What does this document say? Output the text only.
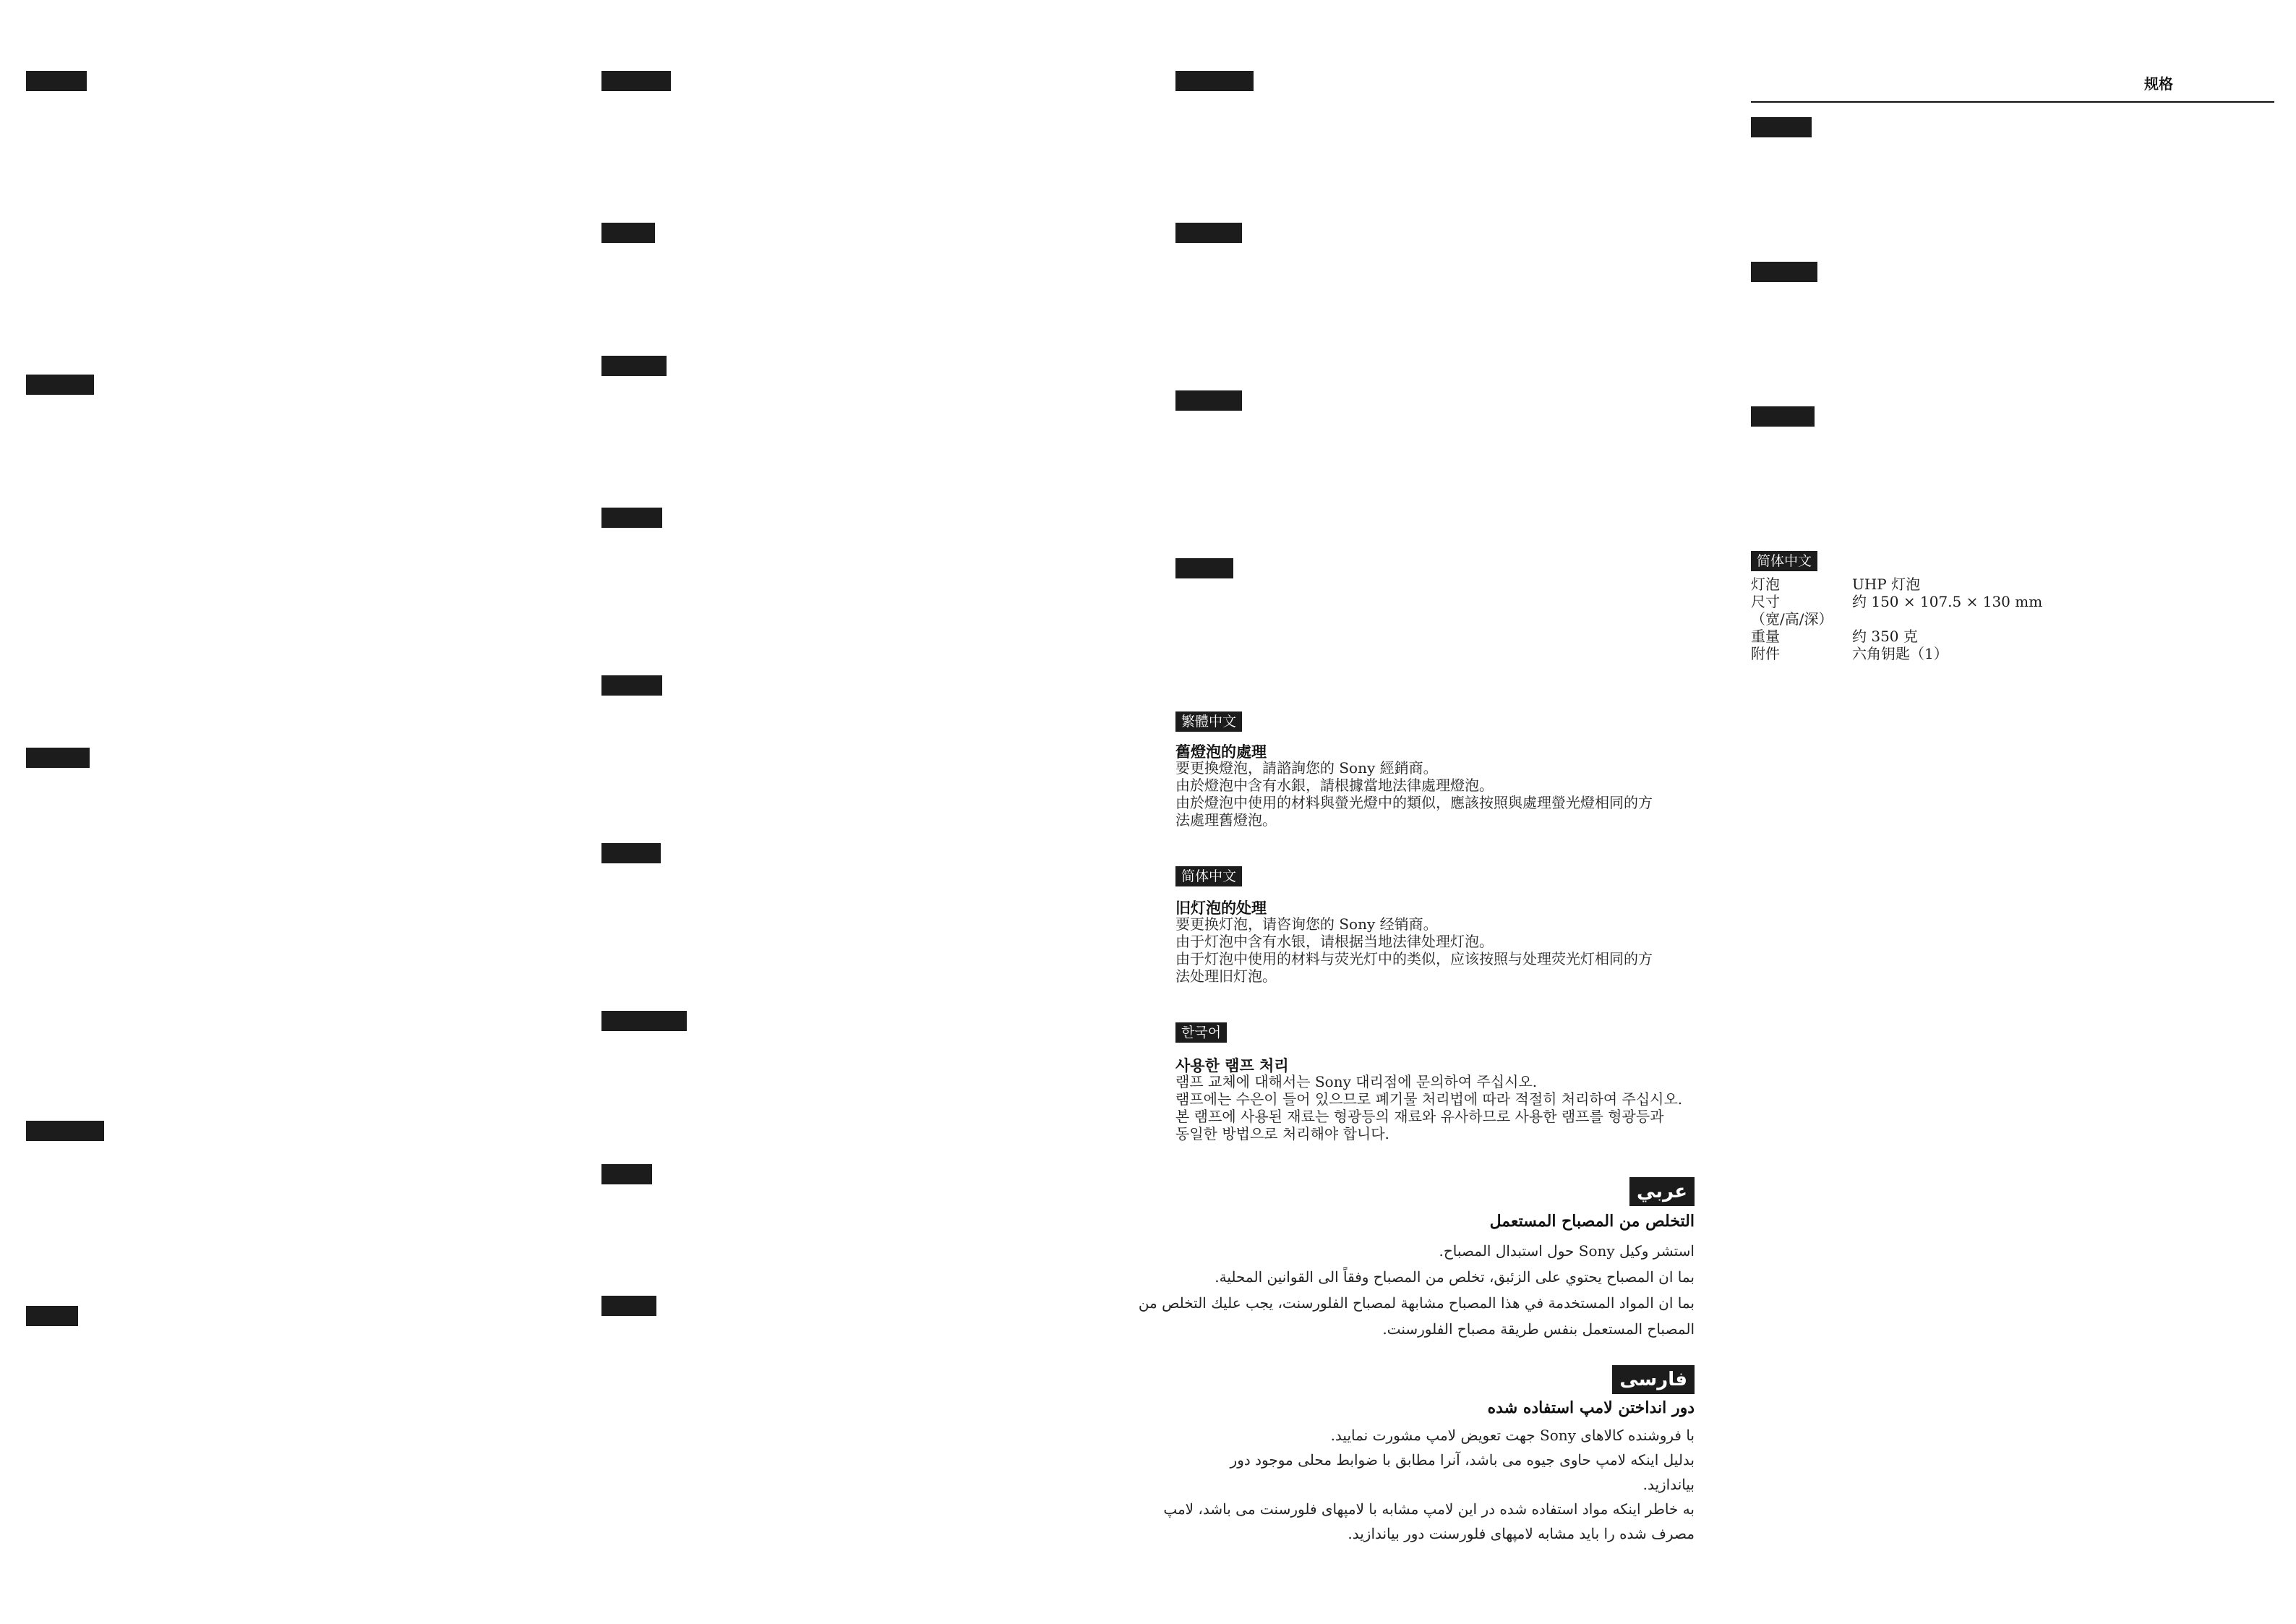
繁體中文
舊燈泡的處理
要更換燈泡，請諮詢您的 Sony 經銷商。
由於燈泡中含有水銀，請根據當地法律處理燈泡。
由於燈泡中使用的材料與螢光燈中的類似，應該按照與處理螢光燈相同的方
法處理舊燈泡。
简体中文
旧灯泡的处理
要更换灯泡，请咨询您的 Sony 经销商。
由于灯泡中含有水银，请根据当地法律处理灯泡。
由于灯泡中使用的材料与荧光灯中的类似，应该按照与处理荧光灯相同的方
法处理旧灯泡。
한국어
사용한 램프 처리
램프 교체에 대해서는 Sony 대리점에 문의하여 주십시오.
램프에는 수은이 들어 있으므로 폐기물 처리법에 따라 적절히 처리하여 주십시오.
본 램프에 사용된 재료는 형광등의 재료와 유사하므로 사용한 램프를 형광등과
동일한 방법으로 처리해야 합니다.
عربي
التخلص من المصباح المستعمل
استشر وكيل Sony حول استبدال المصباح.
بما ان المصباح يحتوي على الزئبق، تخلص من المصباح وفقاً الى القوانين المحلية.
بما ان المواد المستخدمة في هذا المصباح مشابهة لمصباح الفلورسنت، يجب عليك التخلص من
المصباح المستعمل بنفس طريقة مصباح الفلورسنت.
فارسی
دور انداختن لامپ استفاده شده
با فروشنده کالاهای Sony جهت تعویض لامپ مشورت نمایید.
بدلیل اینکه لامپ حاوی جیوه می باشد، آنرا مطابق با ضوابط محلی موجود دور
بیاندازید.
به خاطر اینکه مواد استفاده شده در این لامپ مشابه با لامپهای فلورسنت می باشد، لامپ
مصرف شده را باید مشابه لامپهای فلورسنت دور بیاندازید.
规格
简体中文
灯泡	UHP 灯泡
尺寸	约 150 × 107.5 × 130 mm
（宽/高/深）
重量	约 350 克
附件	六角钥匙（1）
